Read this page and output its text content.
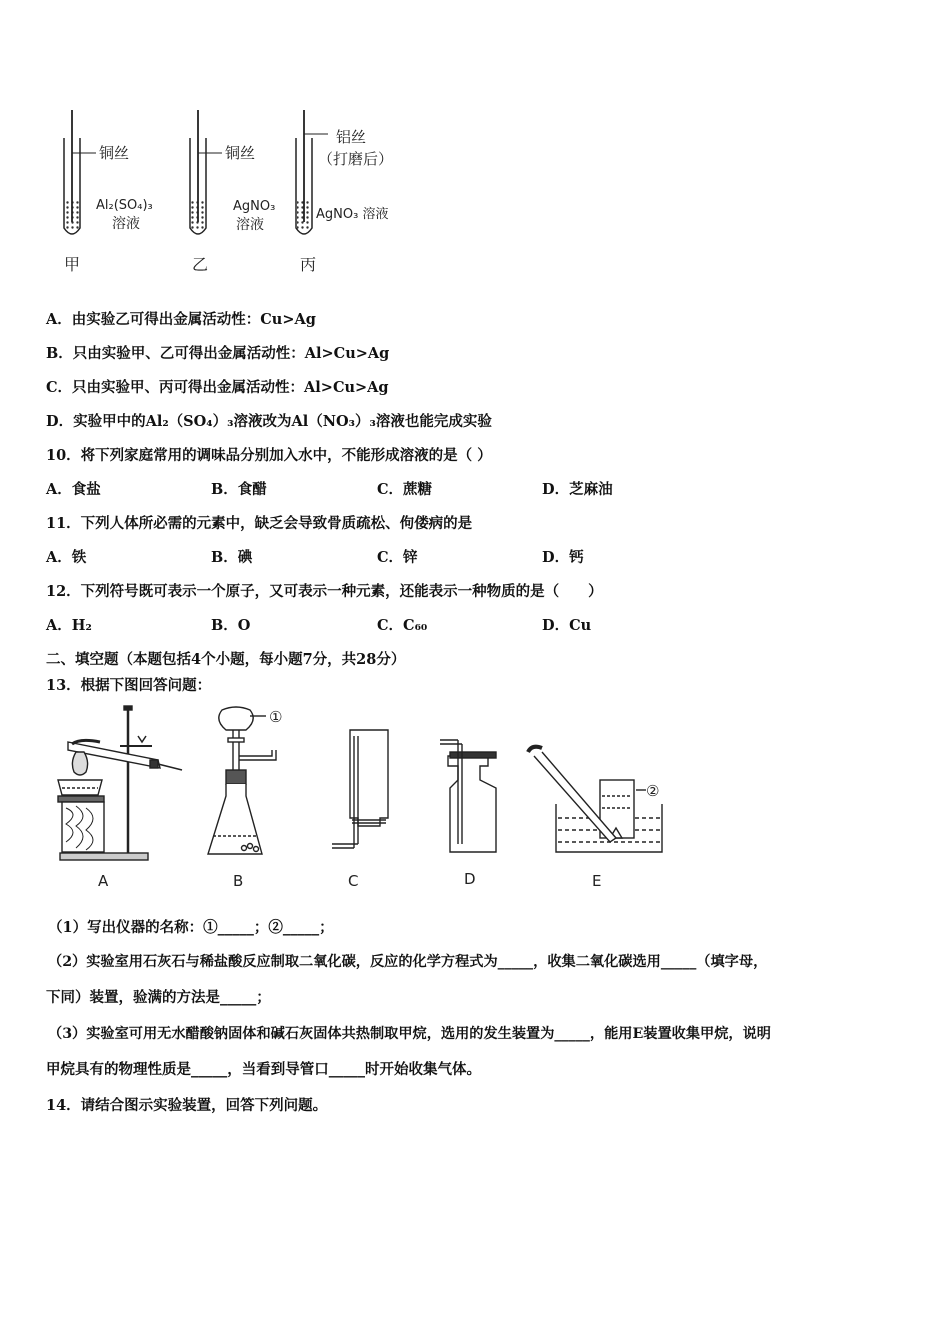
铜丝
Al₂(SO₄)₃
溶液
甲
铜丝
AgNO₃
溶液
乙
铝丝
（打磨后）
AgNO₃ 溶液
丙
A．由实验乙可得出金属活动性：Cu>Ag
B．只由实验甲、乙可得出金属活动性：Al>Cu>Ag
C．只由实验甲、丙可得出金属活动性：Al>Cu>Ag
D．实验甲中的Al₂（SO₄）₃溶液改为Al（NO₃）₃溶液也能完成实验
10．将下列家庭常用的调味品分别加入水中，不能形成溶液的是（ ）
A．食盐	B．食醋	C．蔗糖	D．芝麻油
11．下列人体所必需的元素中，缺乏会导致骨质疏松、佝偻病的是
A．铁	B．碘	C．锌	D．钙
12．下列符号既可表示一个原子，又可表示一种元素，还能表示一种物质的是（　　）
A．H₂	B．O	C．C₆₀	D．Cu
二、填空题（本题包括4个小题，每小题7分，共28分）
13．根据下图回答问题：
A
①
B	C	D
②
E
（1）写出仪器的名称：①_____；②_____；
（2）实验室用石灰石与稀盐酸反应制取二氧化碳，反应的化学方程式为_____，收集二氧化碳选用_____（填字母，
下同）装置，验满的方法是_____；
（3）实验室可用无水醋酸钠固体和碱石灰固体共热制取甲烷，选用的发生装置为_____，能用E装置收集甲烷，说明
甲烷具有的物理性质是_____，当看到导管口_____时开始收集气体。
14．请结合图示实验装置，回答下列问题。
